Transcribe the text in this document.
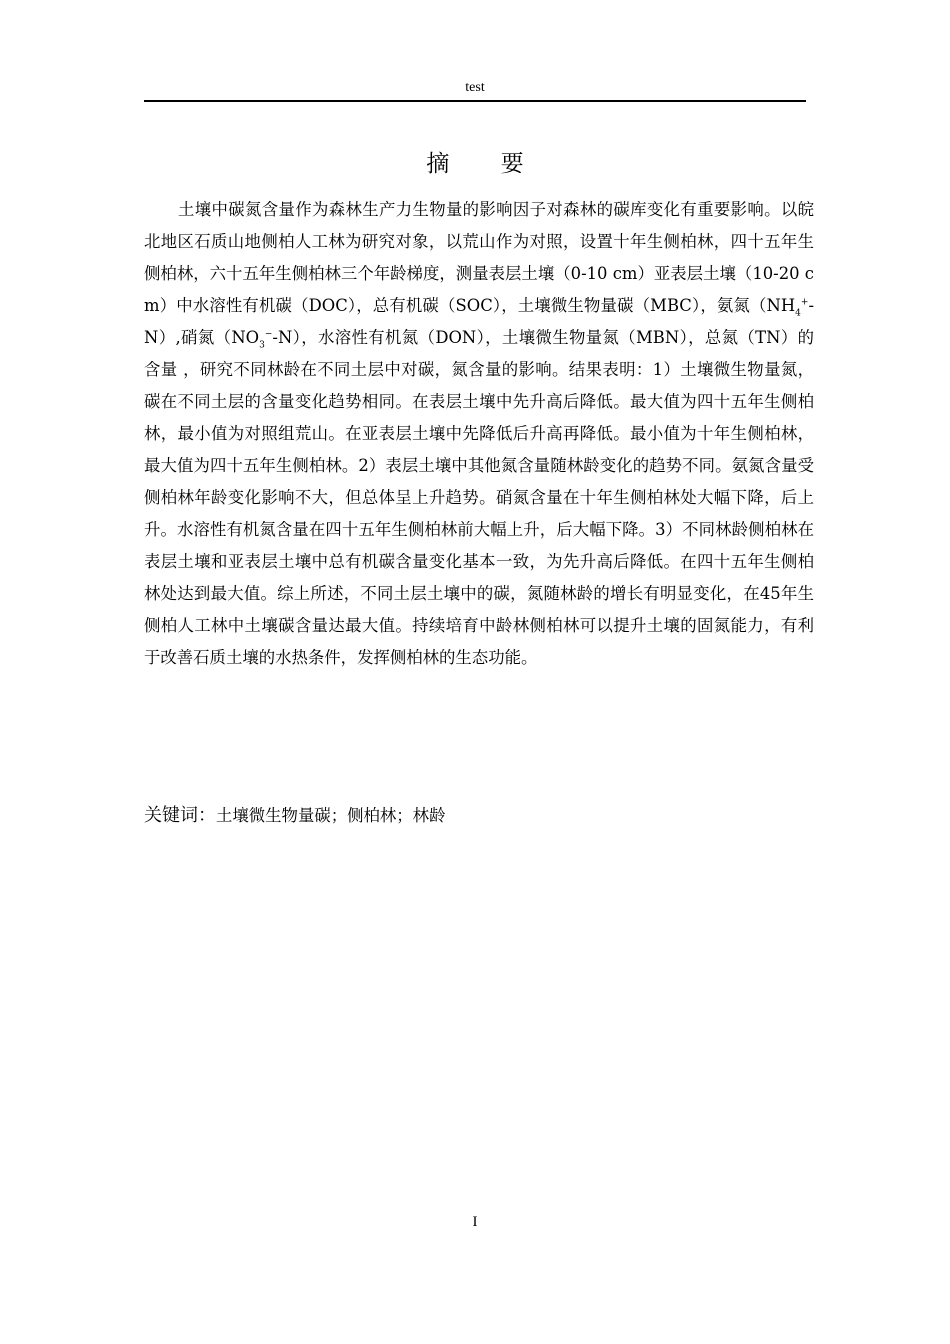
test
摘 要

土壤中碳氮含量作为森林生产力生物量的影响因子对森林的碳库变化有重要影响。以皖北地区石质山地侧柏人工林为研究对象，以荒山作为对照，设置十年生侧柏林，四十五年生侧柏林，六十五年生侧柏林三个年龄梯度，测量表层土壤（0-10 cm）亚表层土壤（10-20 cm）中水溶性有机碳（DOC），总有机碳（SOC），土壤微生物量碳（MBC），氨氮$(NH_4^+-N)$,硝氮$(NO_3^--N)$，水溶性有机氮（DON），土壤微生物量氮（MBN），总氮（TN）的含量 ，研究不同林龄在不同土层中对碳，氮含量的影响。结果表明：1）土壤微生物量氮，碳在不同土层的含量变化趋势相同。在表层土壤中先升高后降低。最大值为四十五年生侧柏林，最小值为对照组荒山。在亚表层土壤中先降低后升高再降低。最小值为十年生侧柏林，最大值为四十五年生侧柏林。2）表层土壤中其他氮含量随林龄变化的趋势不同。氨氮含量受侧柏林年龄变化影响不大，但总体呈上升趋势。硝氮含量在十年生侧柏林处大幅下降，后上升。水溶性有机氮含量在四十五年生侧柏林前大幅上升，后大幅下降。3）不同林龄侧柏林在表层土壤和亚表层土壤中总有机碳含量变化基本一致，为先升高后降低。在四十五年生侧柏林处达到最大值。综上所述，不同土层土壤中的碳，氮随林龄的增长有明显变化，在45年生侧柏人工林中土壤碳含量达最大值。持续培育中龄林侧柏林可以提升土壤的固氮能力，有利于改善石质土壤的水热条件，发挥侧柏林的生态功能。

关键词：土壤微生物量碳；侧柏林；林龄
I
